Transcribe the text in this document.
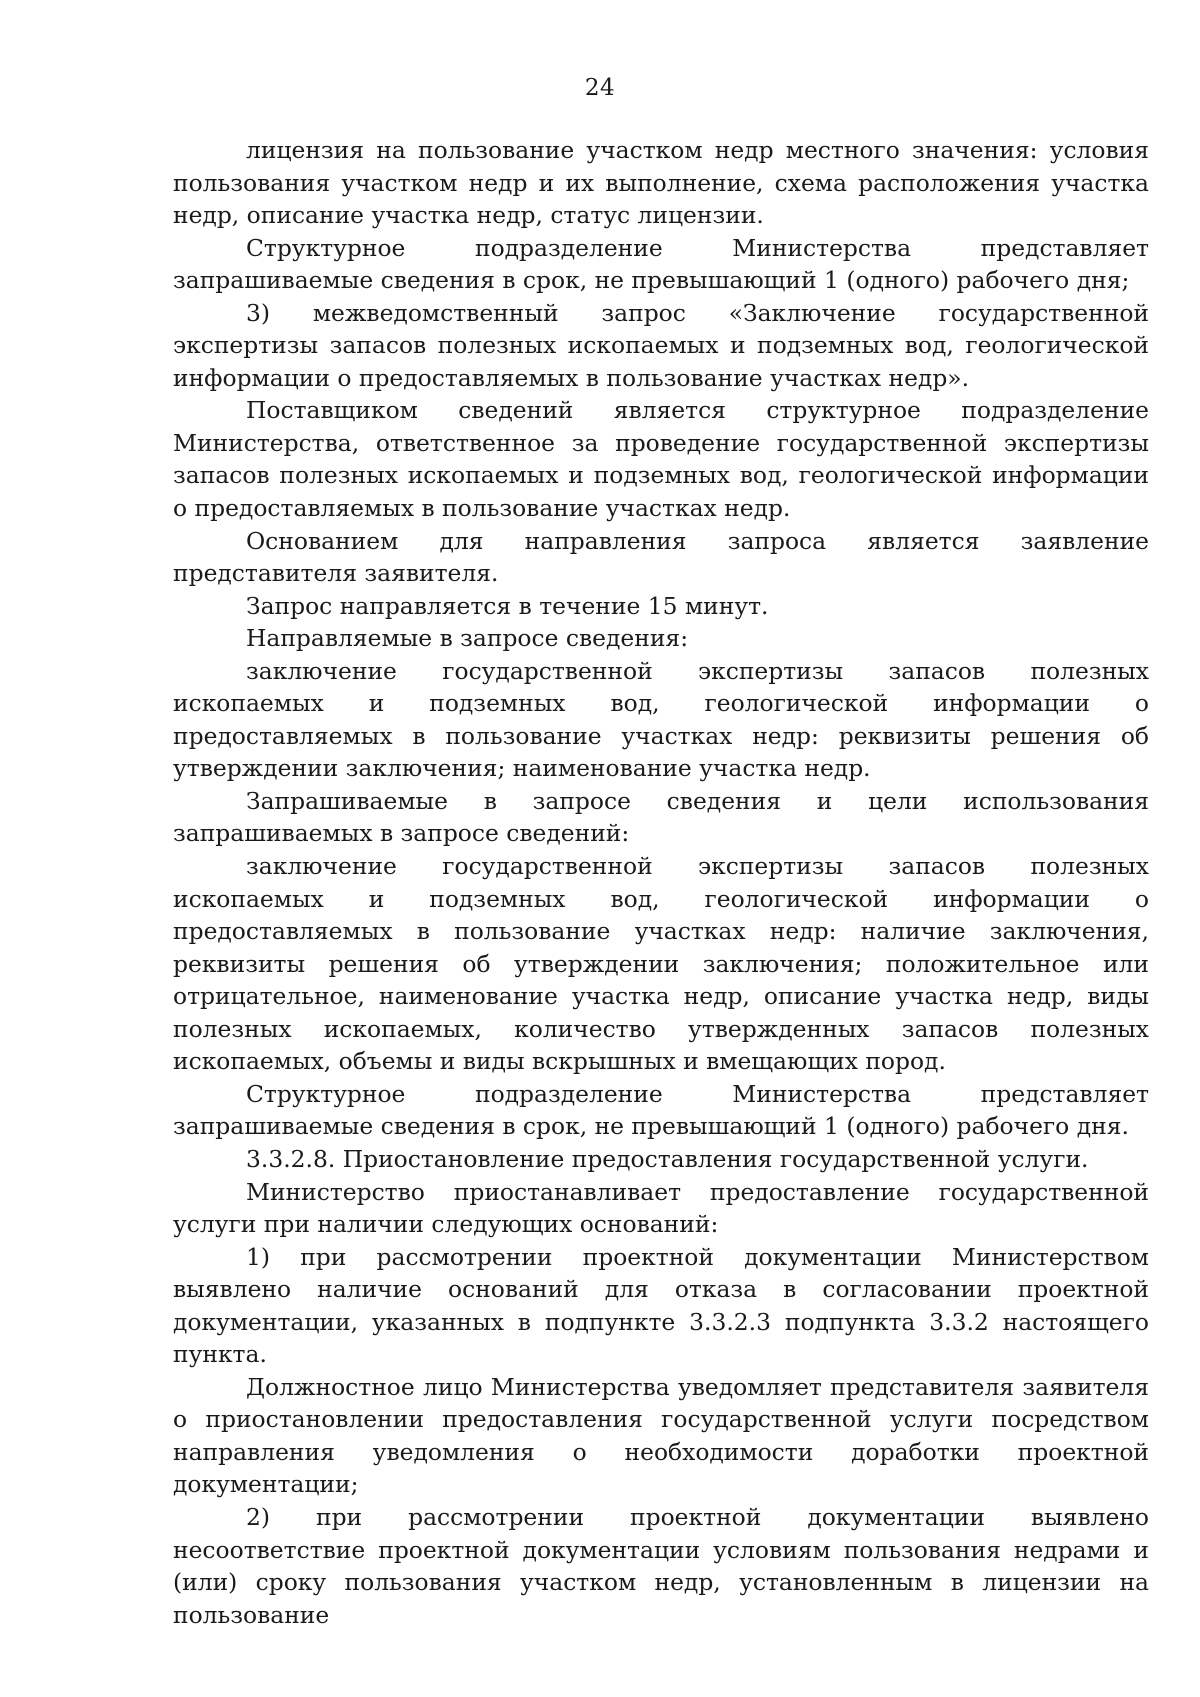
24

лицензия на пользование участком недр местного значения: условия пользования участком недр и их выполнение, схема расположения участка недр, описание участка недр, статус лицензии.

Структурное подразделение Министерства представляет запрашиваемые сведения в срок, не превышающий 1 (одного) рабочего дня;

3) межведомственный запрос «Заключение государственной экспертизы запасов полезных ископаемых и подземных вод, геологической информации о предоставляемых в пользование участках недр».

Поставщиком сведений является структурное подразделение Министерства, ответственное за проведение государственной экспертизы запасов полезных ископаемых и подземных вод, геологической информации о предоставляемых в пользование участках недр.

Основанием для направления запроса является заявление представителя заявителя.

Запрос направляется в течение 15 минут.

Направляемые в запросе сведения:

заключение государственной экспертизы запасов полезных ископаемых и подземных вод, геологической информации о предоставляемых в пользование участках недр: реквизиты решения об утверждении заключения; наименование участка недр.

Запрашиваемые в запросе сведения и цели использования запрашиваемых в запросе сведений:

заключение государственной экспертизы запасов полезных ископаемых и подземных вод, геологической информации о предоставляемых в пользование участках недр: наличие заключения, реквизиты решения об утверждении заключения; положительное или отрицательное, наименование участка недр, описание участка недр, виды полезных ископаемых, количество утвержденных запасов полезных ископаемых, объемы и виды вскрышных и вмещающих пород.

Структурное подразделение Министерства представляет запрашиваемые сведения в срок, не превышающий 1 (одного) рабочего дня.

3.3.2.8. Приостановление предоставления государственной услуги.

Министерство приостанавливает предоставление государственной услуги при наличии следующих оснований:

1) при рассмотрении проектной документации Министерством выявлено наличие оснований для отказа в согласовании проектной документации, указанных в подпункте 3.3.2.3 подпункта 3.3.2 настоящего пункта.

Должностное лицо Министерства уведомляет представителя заявителя о приостановлении предоставления государственной услуги посредством направления уведомления о необходимости доработки проектной документации;

2) при рассмотрении проектной документации выявлено несоответствие проектной документации условиям пользования недрами и (или) сроку пользования участком недр, установленным в лицензии на пользование
